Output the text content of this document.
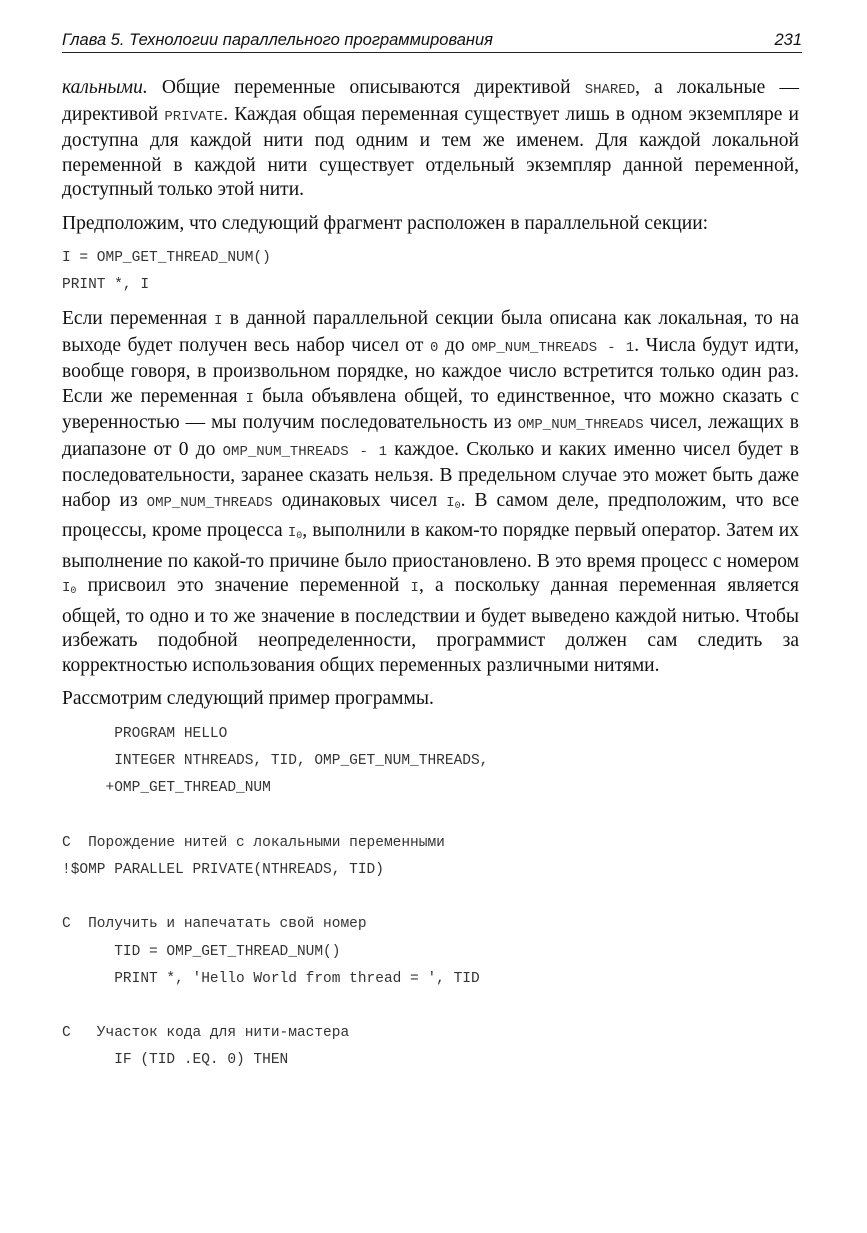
Глава 5. Технологии параллельного программирования	231

кальными. Общие переменные описываются директивой SHARED, а локальные — директивой PRIVATE. Каждая общая переменная существует лишь в одном экземпляре и доступна для каждой нити под одним и тем же именем. Для каждой локальной переменной в каждой нити существует отдельный экземпляр данной переменной, доступный только этой нити.

Предположим, что следующий фрагмент расположен в параллельной секции:

I = OMP_GET_THREAD_NUM()
PRINT *, I

Если переменная I в данной параллельной секции была описана как локальная, то на выходе будет получен весь набор чисел от 0 до OMP_NUM_THREADS - 1. Числа будут идти, вообще говоря, в произвольном порядке, но каждое число встретится только один раз. Если же переменная I была объявлена общей, то единственное, что можно сказать с уверенностью — мы получим последовательность из OMP_NUM_THREADS чисел, лежащих в диапазоне от 0 до OMP_NUM_THREADS - 1 каждое. Сколько и каких именно чисел будет в последовательности, заранее сказать нельзя. В предельном случае это может быть даже набор из OMP_NUM_THREADS одинаковых чисел $I_0$. В самом деле, предположим, что все процессы, кроме процесса $I_0$, выполнили в каком-то порядке первый оператор. Затем их выполнение по какой-то причине было приостановлено. В это время процесс с номером $I_0$ присвоил это значение переменной I, а поскольку данная переменная является общей, то одно и то же значение в последствии и будет выведено каждой нитью. Чтобы избежать подобной неопределенности, программист должен сам следить за корректностью использования общих переменных различными нитями.

Рассмотрим следующий пример программы.

PROGRAM HELLO
INTEGER NTHREADS, TID, OMP_GET_NUM_THREADS,
+OMP_GET_THREAD_NUM

C  Порождение нитей с локальными переменными
!$OMP PARALLEL PRIVATE(NTHREADS, TID)

C  Получить и напечатать свой номер
TID = OMP_GET_THREAD_NUM()
PRINT *, 'Hello World from thread = ', TID

C   Участок кода для нити-мастера
IF (TID .EQ. 0) THEN
